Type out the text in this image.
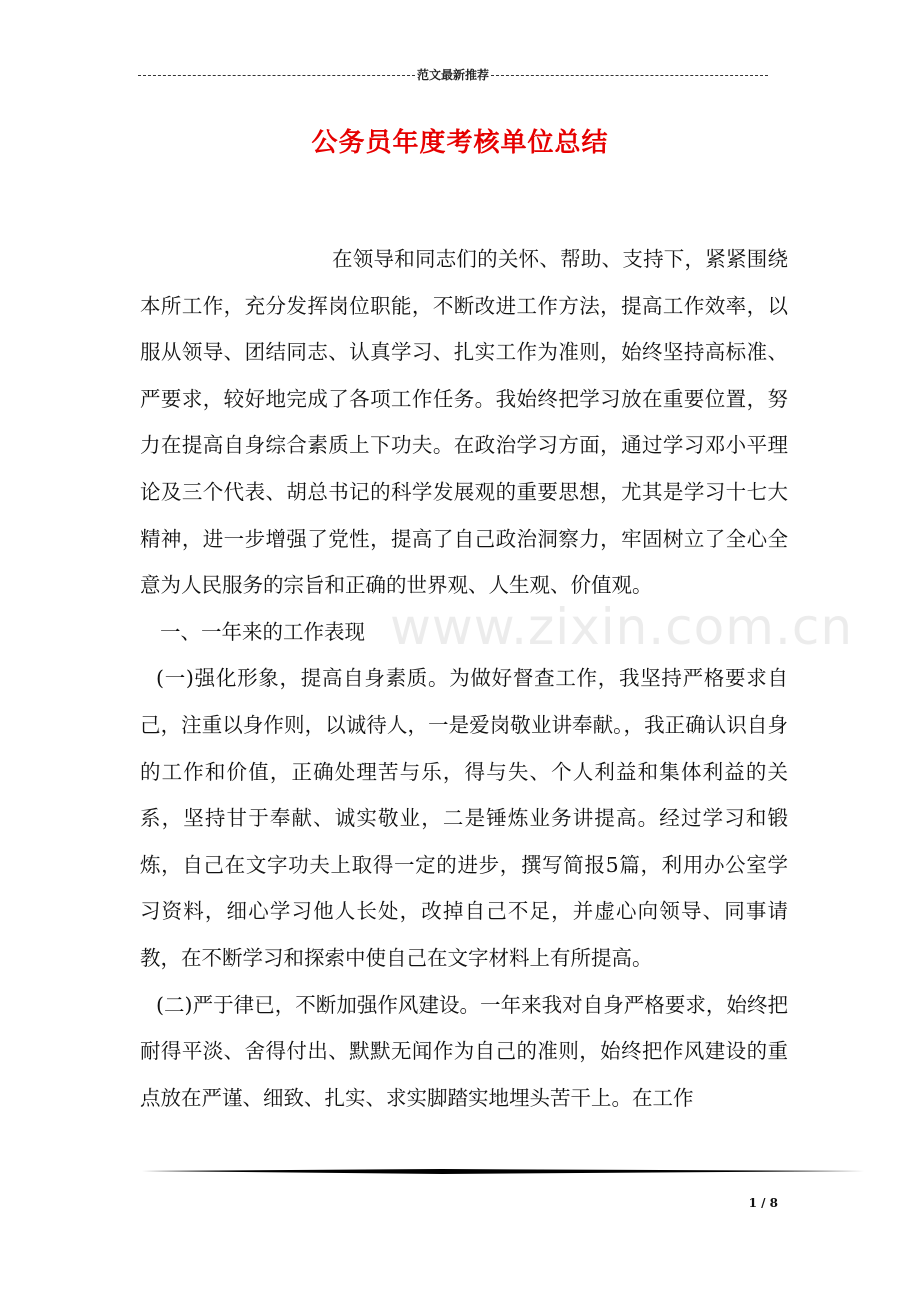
范文最新推荐
公务员年度考核单位总结

在领导和同志们的关怀、帮助、支持下，紧紧围绕本所工作，充分发挥岗位职能，不断改进工作方法，提高工作效率，以服从领导、团结同志、认真学习、扎实工作为准则，始终坚持高标准、严要求，较好地完成了各项工作任务。我始终把学习放在重要位置，努力在提高自身综合素质上下功夫。在政治学习方面，通过学习邓小平理论及三个代表、胡总书记的科学发展观的重要思想，尤其是学习十七大精神，进一步增强了党性，提高了自己政治洞察力，牢固树立了全心全意为人民服务的宗旨和正确的世界观、人生观、价值观。

一、一年来的工作表现

(一)强化形象，提高自身素质。为做好督查工作，我坚持严格要求自己，注重以身作则，以诚待人，一是爱岗敬业讲奉献。，我正确认识自身的工作和价值，正确处理苦与乐，得与失、个人利益和集体利益的关系，坚持甘于奉献、诚实敬业，二是锤炼业务讲提高。经过学习和锻炼，自己在文字功夫上取得一定的进步，撰写简报5篇，利用办公室学习资料，细心学习他人长处，改掉自己不足，并虚心向领导、同事请教，在不断学习和探索中使自己在文字材料上有所提高。

(二)严于律已，不断加强作风建设。一年来我对自身严格要求，始终把耐得平淡、舍得付出、默默无闻作为自己的准则，始终把作风建设的重点放在严谨、细致、扎实、求实脚踏实地埋头苦干上。在工作

www.zixin.com.cn
1 / 8
